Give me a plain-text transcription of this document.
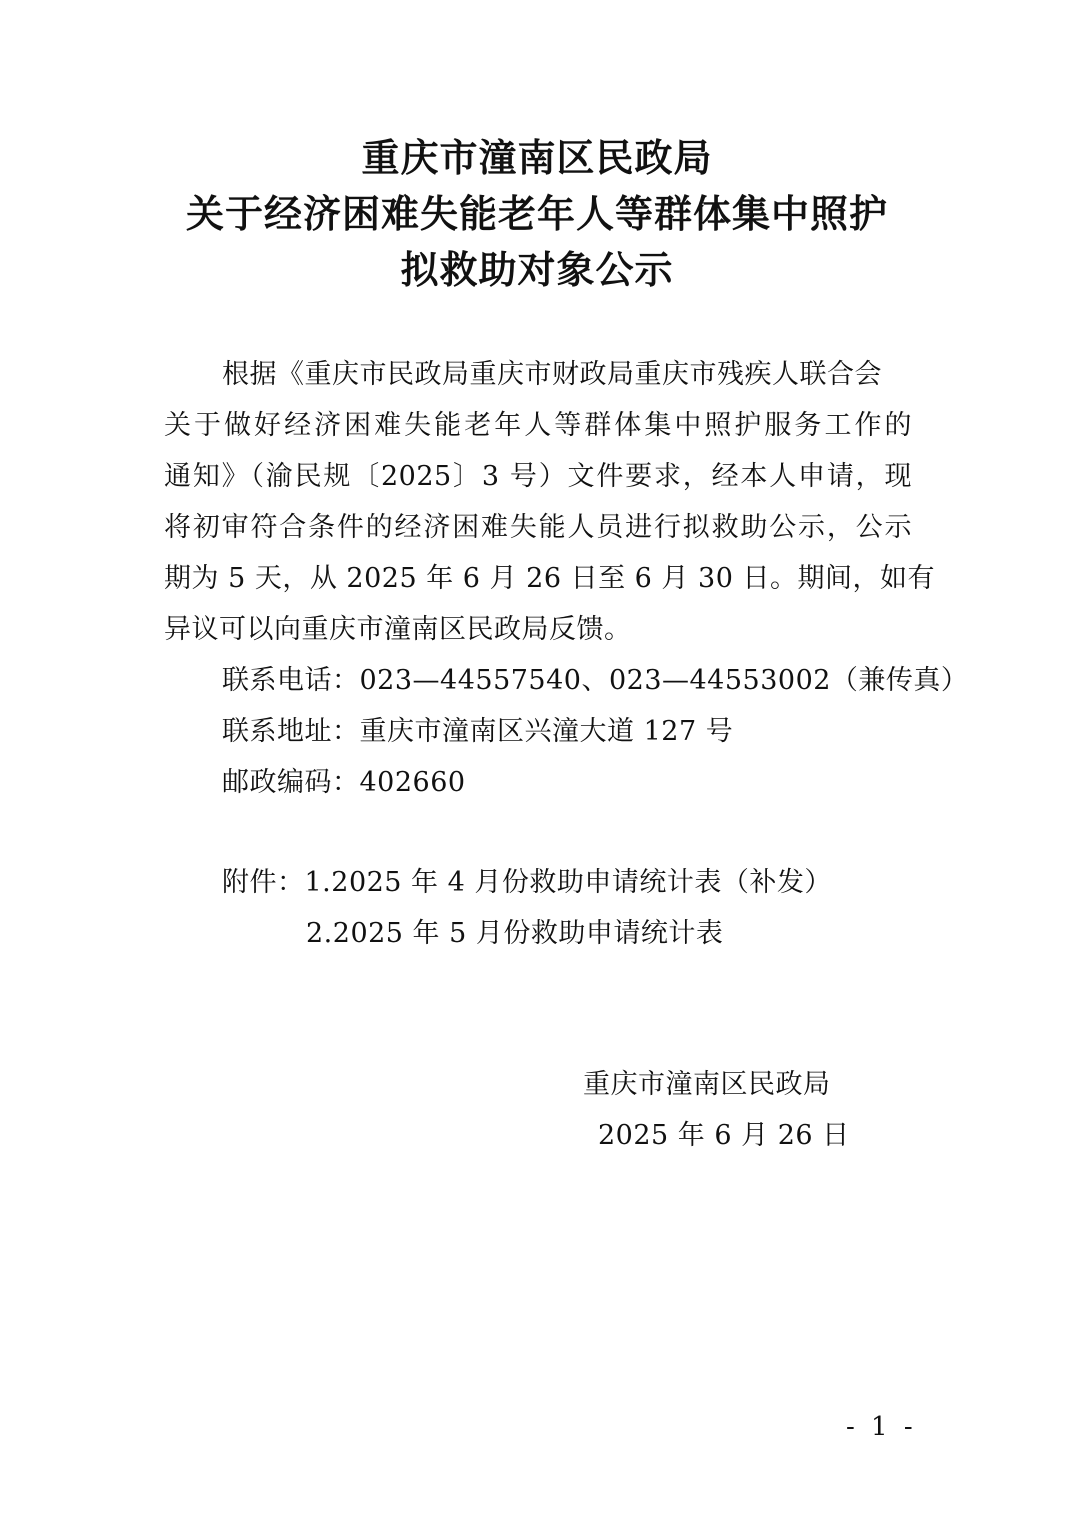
重庆市潼南区民政局
关于经济困难失能老年人等群体集中照护
拟救助对象公示
根据《重庆市民政局重庆市财政局重庆市残疾人联合会
关于做好经济困难失能老年人等群体集中照护服务工作的
通知》（渝民规〔2025〕3 号）文件要求，经本人申请，现
将初审符合条件的经济困难失能人员进行拟救助公示，公示
期为 5 天，从 2025 年 6 月 26 日至 6 月 30 日。期间，如有
异议可以向重庆市潼南区民政局反馈。
联系电话：023—44557540、023—44553002（兼传真）
联系地址：重庆市潼南区兴潼大道 127 号
邮政编码：402660
附件：1.2025 年 4 月份救助申请统计表（补发）
2.2025 年 5 月份救助申请统计表
重庆市潼南区民政局
2025 年 6 月 26 日
- 1 -
